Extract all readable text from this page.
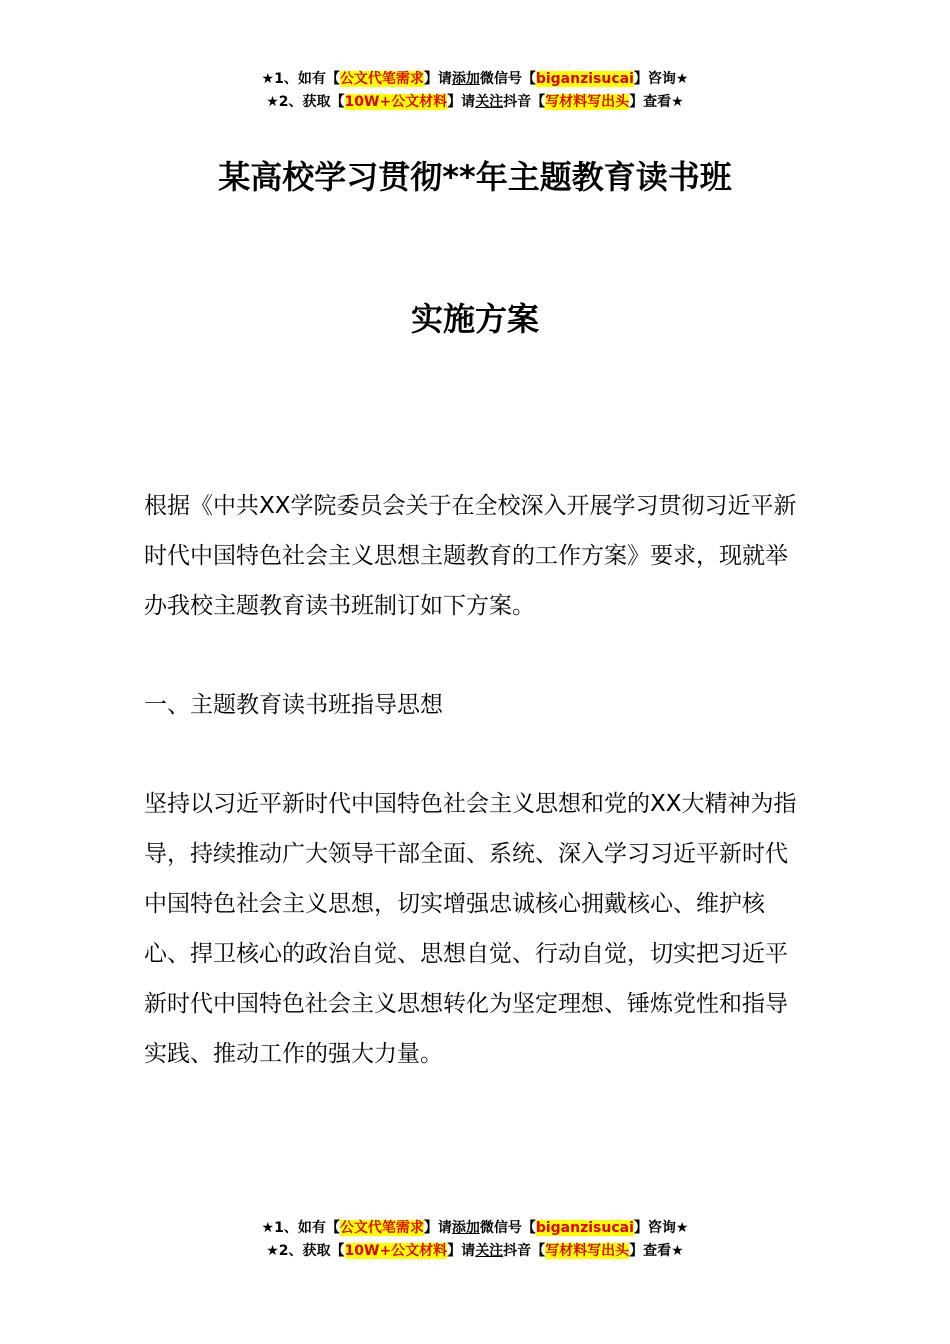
★1、如有【公文代笔需求】请添加微信号【biganzisucai】咨询★
★2、获取【10W+公文材料】请关注抖音【写材料写出头】查看★
某高校学习贯彻**年主题教育读书班
实施方案

根据《中共XX学院委员会关于在全校深入开展学习贯彻习近平新时代中国特色社会主义思想主题教育的工作方案》要求，现就举办我校主题教育读书班制订如下方案。

一、主题教育读书班指导思想

坚持以习近平新时代中国特色社会主义思想和党的XX大精神为指导，持续推动广大领导干部全面、系统、深入学习习近平新时代中国特色社会主义思想，切实增强忠诚核心拥戴核心、维护核心、捍卫核心的政治自觉、思想自觉、行动自觉，切实把习近平新时代中国特色社会主义思想转化为坚定理想、锤炼党性和指导实践、推动工作的强大力量。

★1、如有【公文代笔需求】请添加微信号【biganzisucai】咨询★
★2、获取【10W+公文材料】请关注抖音【写材料写出头】查看★
